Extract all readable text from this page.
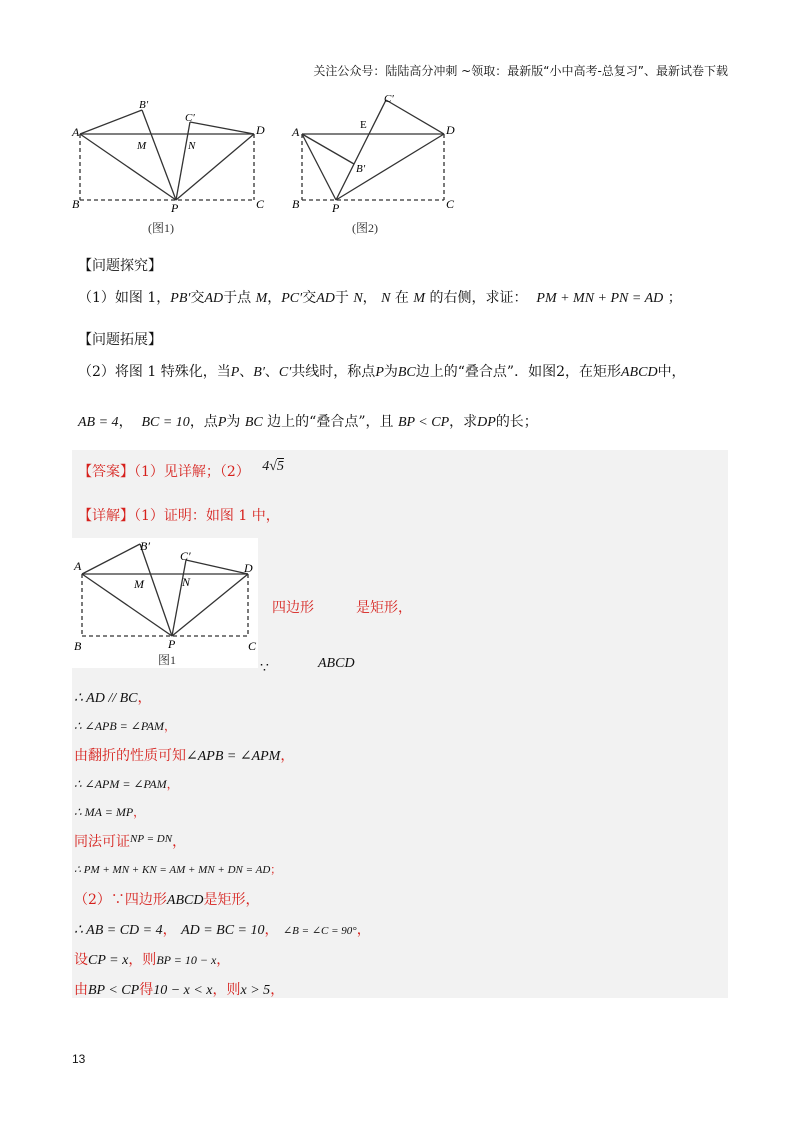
关注公众号：陆陆高分冲刺 ~领取：最新版“小中高考-总复习”、最新试卷下载
A
B	C
D
P
M	N
B′
C′
(图1)
A
B	C
D
P
E
B′
C′
(图2)
【问题探究】
（1）如图 1，PB′交AD于点 M，PC′交AD于 N， N 在 M 的右侧，求证： PM + MN + PN = AD ；
【问题拓展】
（2）将图 1 特殊化，当P、B′、C′共线时，称点P为BC边上的“叠合点”．如图2，在矩形ABCD中，
AB = 4， BC = 10，点P为 BC 边上的“叠合点”，且 BP < CP，求DP的长；
【答案】（1）见详解；（2） 4√5
【详解】（1）证明：如图 1 中，
A
B	C
D
P
M	N
B′
C′
图1
四边形	是矩形，
∵	ABCD
∴ AD // BC，
∴ ∠APB = ∠PAM，
由翻折的性质可知∠APB = ∠APM，
∴ ∠APM = ∠PAM，
∴ MA = MP，
同法可证$^{NP = DN}$，
∴ PM + MN + KN = AM + MN + DN = AD；
（2）∵四边形ABCD是矩形，
∴ AB = CD = 4， AD = BC = 10， ∠B = ∠C = 90°，
设CP = x，则BP = 10 − x，
由BP < CP得10 − x < x，则x > 5，
13
